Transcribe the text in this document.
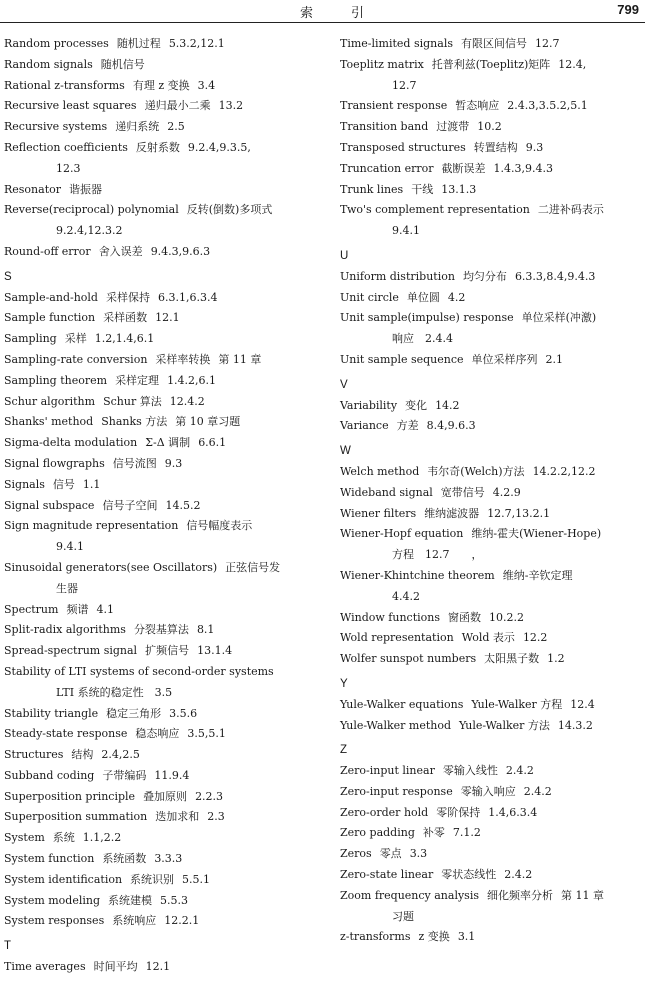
索引	799
Random processes 随机过程 5.3.2,12.1
Random signals 随机信号
Rational z-transforms 有理 z 变换 3.4
Recursive least squares 递归最小二乘 13.2
Recursive systems 递归系统 2.5
Reflection coefficients 反射系数 9.2.4,9.3.5,
12.3
Resonator 谐振器
Reverse(reciprocal) polynomial 反转(倒数)多项式
9.2.4,12.3.2
Round-off error 舍入误差 9.4.3,9.6.3
S
Sample-and-hold 采样保持 6.3.1,6.3.4
Sample function 采样函数 12.1
Sampling 采样 1.2,1.4,6.1
Sampling-rate conversion 采样率转换 第 11 章
Sampling theorem 采样定理 1.4.2,6.1
Schur algorithm Schur 算法 12.4.2
Shanks' method Shanks 方法 第 10 章习题
Sigma-delta modulation Σ-Δ 调制 6.6.1
Signal flowgraphs 信号流图 9.3
Signals 信号 1.1
Signal subspace 信号子空间 14.5.2
Sign magnitude representation 信号幅度表示
9.4.1
Sinusoidal generators(see Oscillators) 正弦信号发
生器
Spectrum 频谱 4.1
Split-radix algorithms 分裂基算法 8.1
Spread-spectrum signal 扩频信号 13.1.4
Stability of LTI systems of second-order systems
LTI 系统的稳定性　3.5
Stability triangle 稳定三角形 3.5.6
Steady-state response 稳态响应 3.5,5.1
Structures 结构 2.4,2.5
Subband coding 子带编码 11.9.4
Superposition principle 叠加原则 2.2.3
Superposition summation 迭加求和 2.3
System 系统 1.1,2.2
System function 系统函数 3.3.3
System identification 系统识别 5.5.1
System modeling 系统建模 5.5.3
System responses 系统响应 12.2.1
T
Time averages 时间平均 12.1
Time-limited signals 有限区间信号 12.7
Toeplitz matrix 托普利兹(Toeplitz)矩阵 12.4,
12.7
Transient response 暂态响应 2.4.3,3.5.2,5.1
Transition band 过渡带 10.2
Transposed structures 转置结构 9.3
Truncation error 截断误差 1.4.3,9.4.3
Trunk lines 干线 13.1.3
Two's complement representation 二进补码表示
9.4.1
U
Uniform distribution 均匀分布 6.3.3,8.4,9.4.3
Unit circle 单位圆 4.2
Unit sample(impulse) response 单位采样(冲激)
响应　2.4.4
Unit sample sequence 单位采样序列 2.1
V
Variability 变化 14.2
Variance 方差 8.4,9.6.3
W
Welch method 韦尔奇(Welch)方法 14.2.2,12.2
Wideband signal 宽带信号 4.2.9
Wiener filters 维纳滤波器 12.7,13.2.1
Wiener-Hopf equation 维纳-霍夫(Wiener-Hope)
方程　12.7　　，
Wiener-Khintchine theorem 维纳-辛钦定理
4.4.2
Window functions 窗函数 10.2.2
Wold representation Wold 表示 12.2
Wolfer sunspot numbers 太阳黑子数 1.2
Y
Yule-Walker equations Yule-Walker 方程 12.4
Yule-Walker method Yule-Walker 方法 14.3.2
Z
Zero-input linear 零输入线性 2.4.2
Zero-input response 零输入响应 2.4.2
Zero-order hold 零阶保持 1.4,6.3.4
Zero padding 补零 7.1.2
Zeros 零点 3.3
Zero-state linear 零状态线性 2.4.2
Zoom frequency analysis 细化频率分析 第 11 章
习题
z-transforms z 变换 3.1
